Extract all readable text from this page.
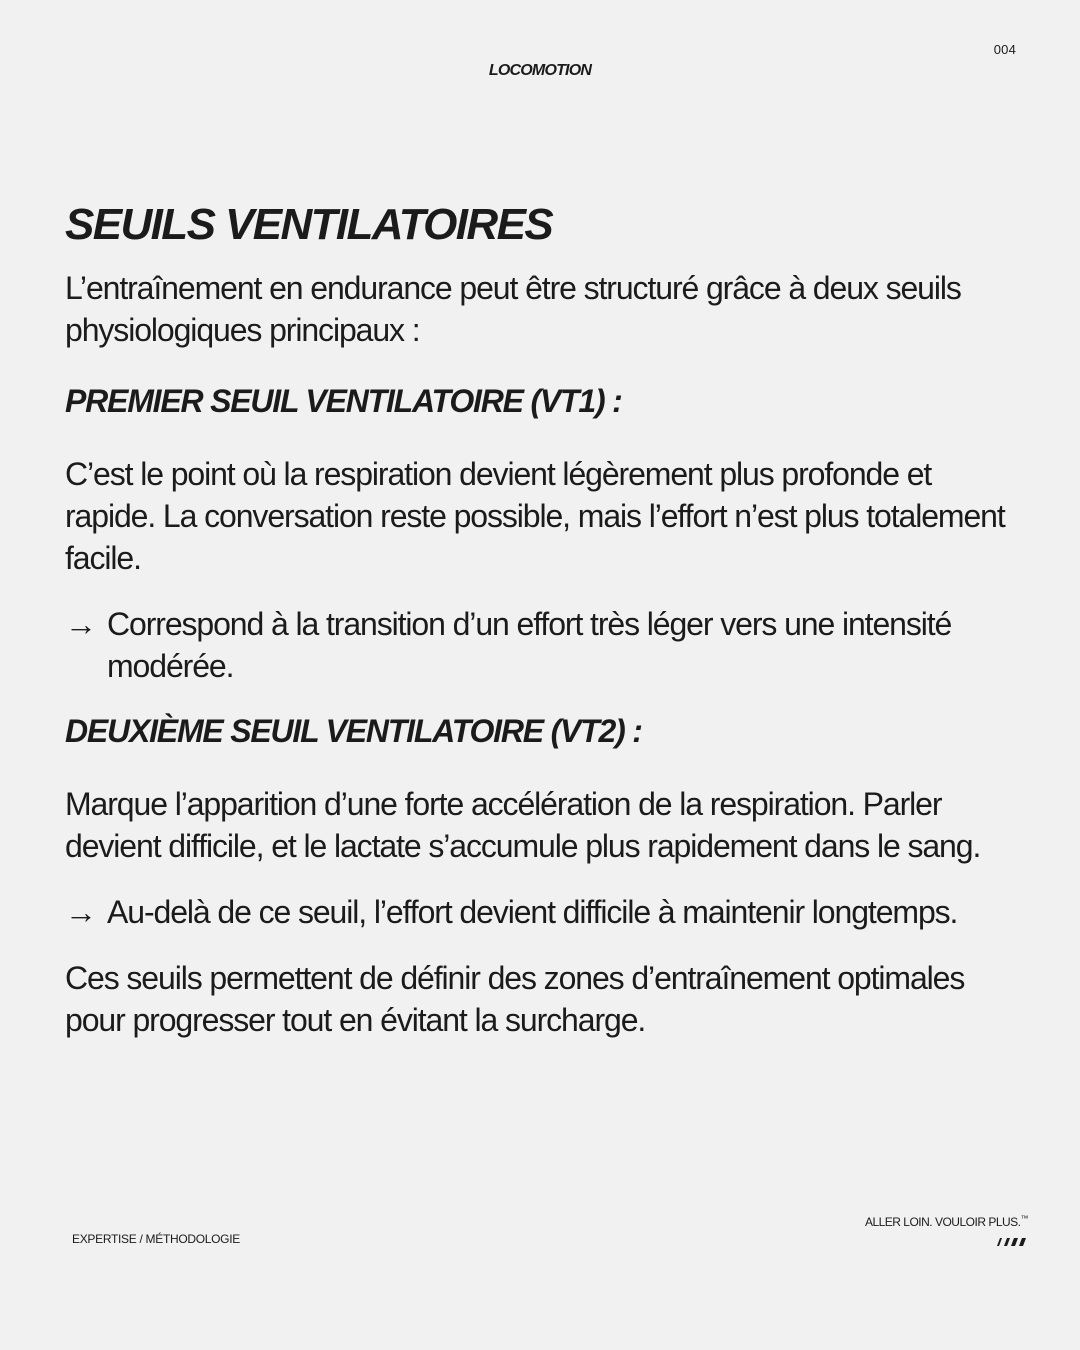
004
LOCOMOTION
SEUILS VENTILATOIRES

L’entraînement en endurance peut être structuré grâce à deux seuils physiologiques principaux :

PREMIER SEUIL VENTILATOIRE (VT1) :

C’est le point où la respiration devient légèrement plus profonde et rapide. La conversation reste possible, mais l’effort n’est plus totalement facile.

→ Correspond à la transition d’un effort très léger vers une intensité modérée.
DEUXIÈME SEUIL VENTILATOIRE (VT2) :

Marque l’apparition d’une forte accélération de la respiration. Parler devient difficile, et le lactate s’accumule plus rapidement dans le sang.

→ Au-delà de ce seuil, l’effort devient difficile à maintenir longtemps.

Ces seuils permettent de définir des zones d’entraînement optimales pour progresser tout en évitant la surcharge.

EXPERTISE / MÉTHODOLOGIE
ALLER LOIN. VOULOIR PLUS.™
